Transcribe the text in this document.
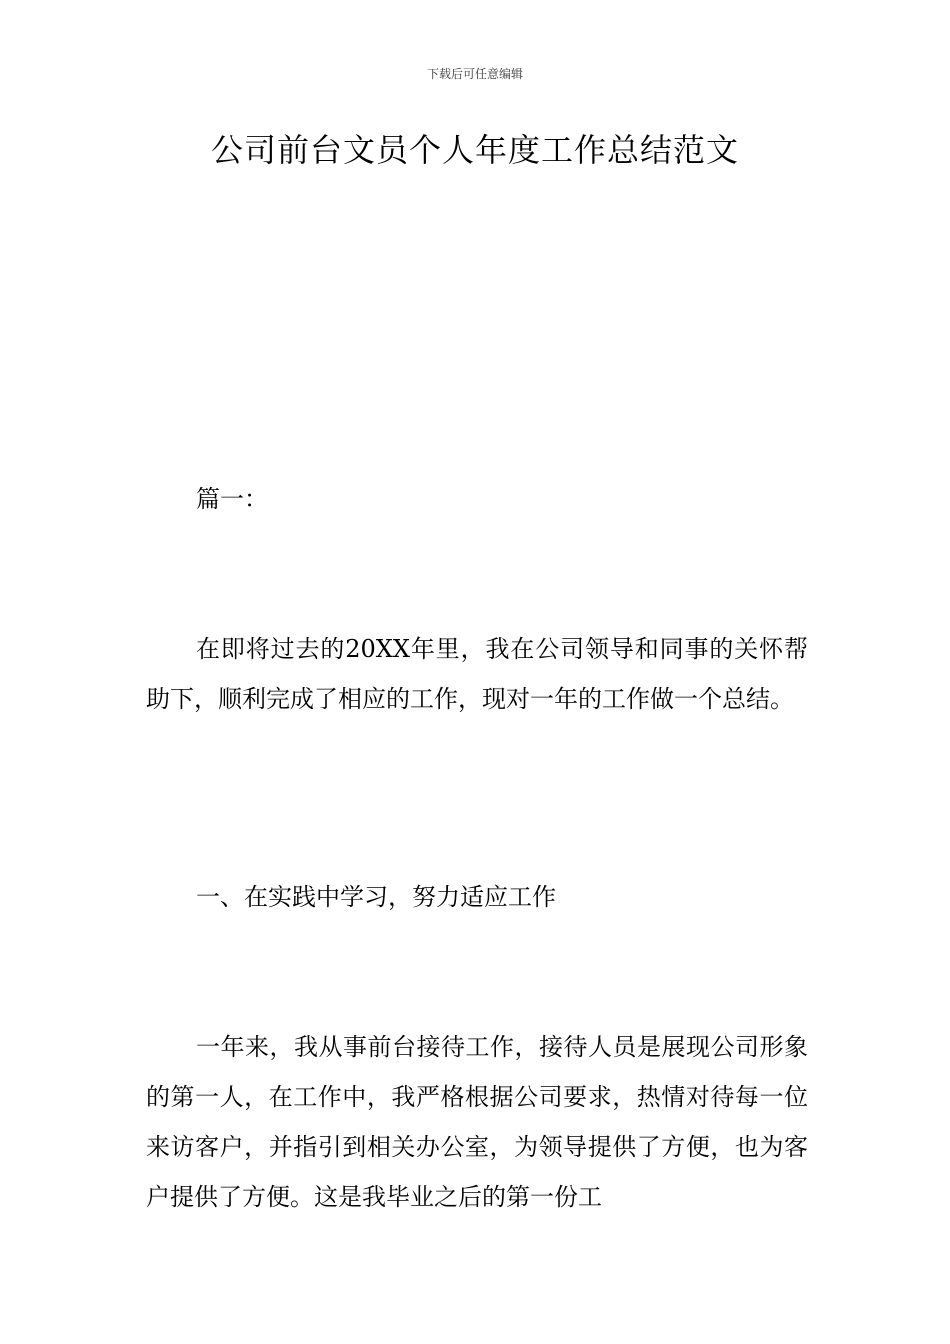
下载后可任意编辑
公司前台文员个人年度工作总结范文

篇一：

在即将过去的20XX年里，我在公司领导和同事的关怀帮助下，顺利完成了相应的工作，现对一年的工作做一个总结。

一、在实践中学习，努力适应工作

一年来，我从事前台接待工作，接待人员是展现公司形象的第一人，在工作中，我严格根据公司要求，热情对待每一位来访客户，并指引到相关办公室，为领导提供了方便，也为客户提供了方便。这是我毕业之后的第一份工
